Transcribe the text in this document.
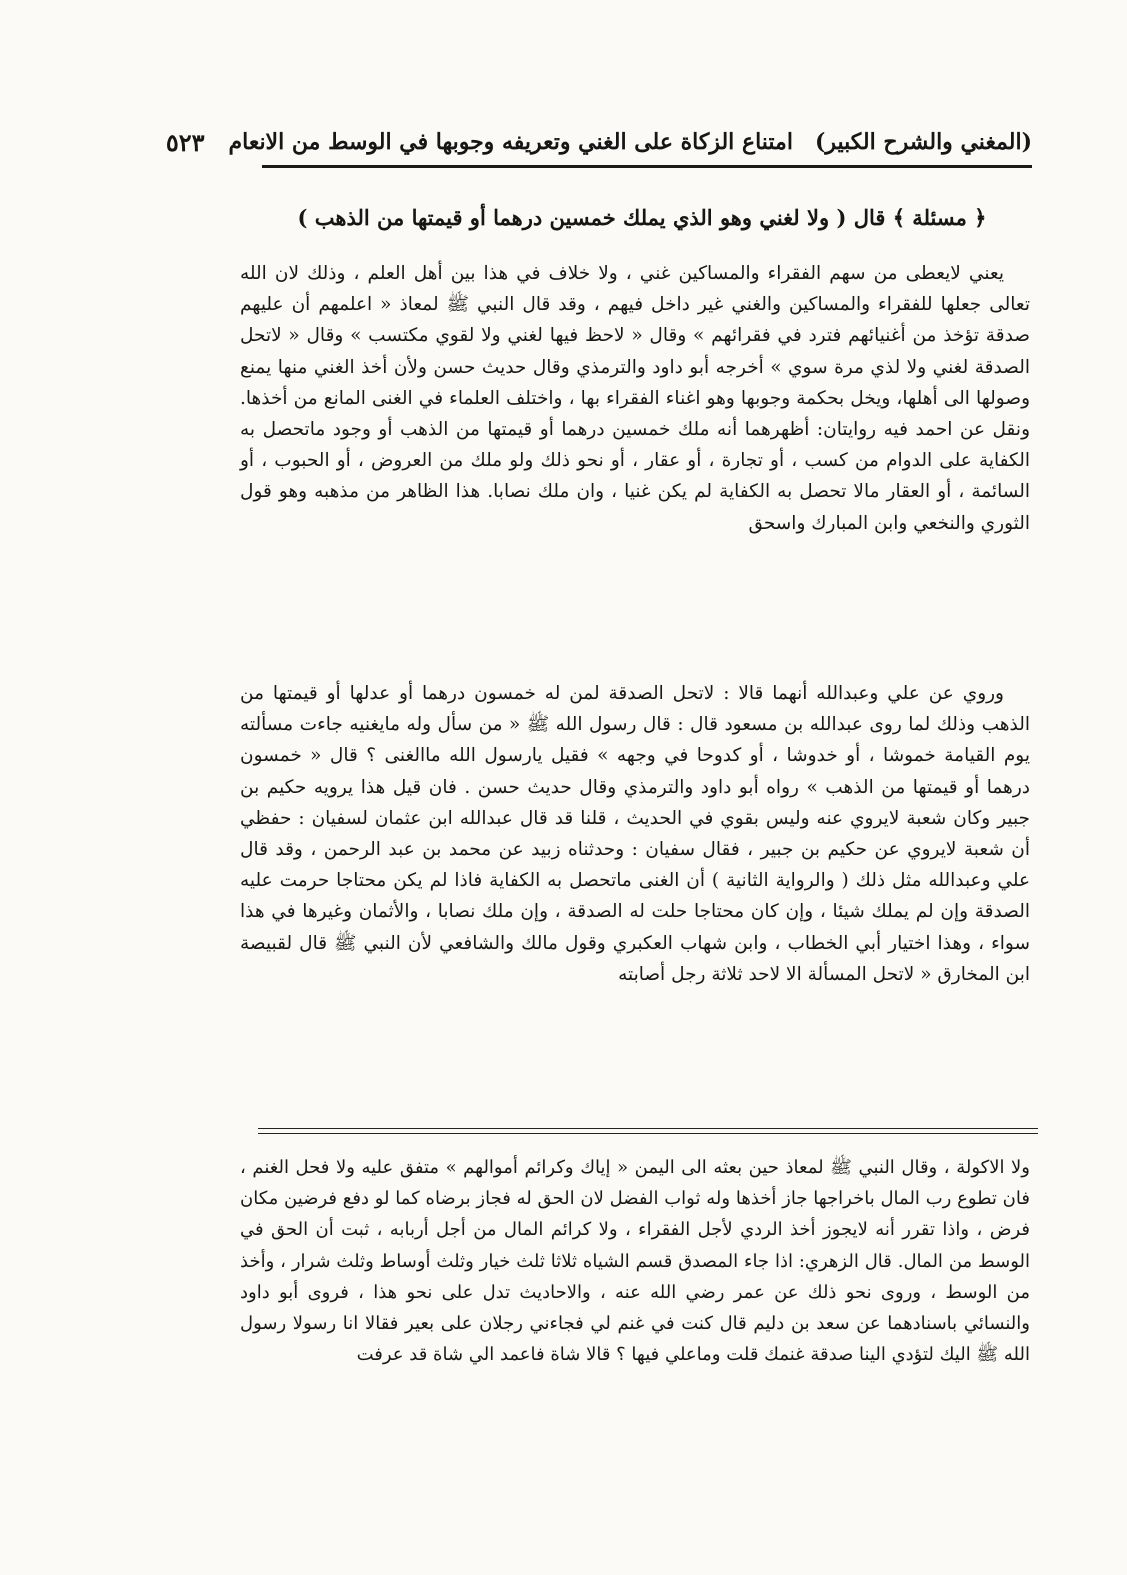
(المغني والشرح الكبير)
امتناع الزكاة على الغني وتعريفه وجوبها في الوسط من الانعام
٥٢٣
﴿ مسئلة ﴾ قال ( ولا لغني وهو الذي يملك خمسين درهما أو قيمتها من الذهب )

يعني لايعطى من سهم الفقراء والمساكين غني ، ولا خلاف في هذا بين أهل العلم ، وذلك لان الله تعالى جعلها للفقراء والمساكين والغني غير داخل فيهم ، وقد قال النبي ﷺ لمعاذ « اعلمهم أن عليهم صدقة تؤخذ من أغنيائهم فترد في فقرائهم » وقال « لاحظ فيها لغني ولا لقوي مكتسب » وقال « لاتحل الصدقة لغني ولا لذي مرة سوي » أخرجه أبو داود والترمذي وقال حديث حسن ولأن أخذ الغني منها يمنع وصولها الى أهلها، ويخل بحكمة وجوبها وهو اغناء الفقراء بها ، واختلف العلماء في الغنى المانع من أخذها. ونقل عن احمد فيه روايتان: أظهرهما أنه ملك خمسين درهما أو قيمتها من الذهب أو وجود ماتحصل به الكفاية على الدوام من كسب ، أو تجارة ، أو عقار ، أو نحو ذلك ولو ملك من العروض ، أو الحبوب ، أو السائمة ، أو العقار مالا تحصل به الكفاية لم يكن غنيا ، وان ملك نصابا. هذا الظاهر من مذهبه وهو قول الثوري والنخعي وابن المبارك واسحق

وروي عن علي وعبدالله أنهما قالا : لاتحل الصدقة لمن له خمسون درهما أو عدلها أو قيمتها من الذهب وذلك لما روى عبدالله بن مسعود قال : قال رسول الله ﷺ « من سأل وله مايغنيه جاءت مسألته يوم القيامة خموشا ، أو خدوشا ، أو كدوحا في وجهه » فقيل يارسول الله ماالغنى ؟ قال « خمسون درهما أو قيمتها من الذهب » رواه أبو داود والترمذي وقال حديث حسن . فان قيل هذا يرويه حكيم بن جبير وكان شعبة لايروي عنه وليس بقوي في الحديث ، قلنا قد قال عبدالله ابن عثمان لسفيان : حفظي أن شعبة لايروي عن حكيم بن جبير ، فقال سفيان : وحدثناه زبيد عن محمد بن عبد الرحمن ، وقد قال علي وعبدالله مثل ذلك ( والرواية الثانية ) أن الغنى ماتحصل به الكفاية فاذا لم يكن محتاجا حرمت عليه الصدقة وإن لم يملك شيئا ، وإن كان محتاجا حلت له الصدقة ، وإن ملك نصابا ، والأثمان وغيرها في هذا سواء ، وهذا اختيار أبي الخطاب ، وابن شهاب العكبري وقول مالك والشافعي لأن النبي ﷺ قال لقبيصة ابن المخارق « لاتحل المسألة الا لاحد ثلاثة رجل أصابته

ولا الاكولة ، وقال النبي ﷺ لمعاذ حين بعثه الى اليمن « إياك وكرائم أموالهم » متفق عليه ولا فحل الغنم ، فان تطوع رب المال باخراجها جاز أخذها وله ثواب الفضل لان الحق له فجاز برضاه كما لو دفع فرضين مكان فرض ، واذا تقرر أنه لايجوز أخذ الردي لأجل الفقراء ، ولا كرائم المال من أجل أربابه ، ثبت أن الحق في الوسط من المال. قال الزهري: اذا جاء المصدق قسم الشياه ثلاثا ثلث خيار وثلث أوساط وثلث شرار ، وأخذ من الوسط ، وروى نحو ذلك عن عمر رضي الله عنه ، والاحاديث تدل على نحو هذا ، فروى أبو داود والنسائي باسنادهما عن سعد بن دليم قال كنت في غنم لي فجاءني رجلان على بعير فقالا انا رسولا رسول الله ﷺ اليك لتؤدي الينا صدقة غنمك قلت وماعلي فيها ؟ قالا شاة فاعمد الي شاة قد عرفت
